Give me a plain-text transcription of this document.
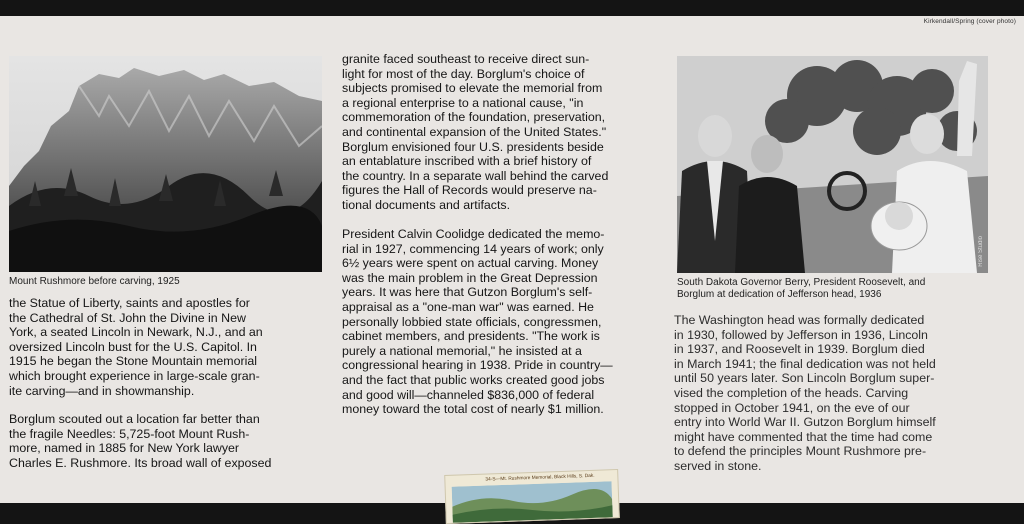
Kirkendall/Spring (cover photo)
Mount Rushmore before carving, 1925
the Statue of Liberty, saints and apostles for
the Cathedral of St. John the Divine in New
York, a seated Lincoln in Newark, N.J., and an
oversized Lincoln bust for the U.S. Capitol. In
1915 he began the Stone Mountain memorial
which brought experience in large-scale gran-
ite carving—and in showmanship.
Borglum scouted out a location far better than
the fragile Needles: 5,725-foot Mount Rush-
more, named in 1885 for New York lawyer
Charles E. Rushmore. Its broad wall of exposed
granite faced southeast to receive direct sun-
light for most of the day. Borglum's choice of
subjects promised to elevate the memorial from
a regional enterprise to a national cause, "in
commemoration of the foundation, preservation,
and continental expansion of the United States."
Borglum envisioned four U.S. presidents beside
an entablature inscribed with a brief history of
the country. In a separate wall behind the carved
figures the Hall of Records would preserve na-
tional documents and artifacts.
President Calvin Coolidge dedicated the memo-
rial in 1927, commencing 14 years of work; only
6½ years were spent on actual carving. Money
was the main problem in the Great Depression
years. It was here that Gutzon Borglum's self-
appraisal as a "one-man war" was earned. He
personally lobbied state officials, congressmen,
cabinet members, and presidents. "The work is
purely a national memorial," he insisted at a
congressional hearing in 1938. Pride in country—
and the fact that public works created good jobs
and good will—channeled $836,000 of federal
money toward the total cost of nearly $1 million.
Rise Studio
South Dakota Governor Berry, President Roosevelt, and
Borglum at dedication of Jefferson head, 1936
The Washington head was formally dedicated
in 1930, followed by Jefferson in 1936, Lincoln
in 1937, and Roosevelt in 1939. Borglum died
in March 1941; the final dedication was not held
until 50 years later. Son Lincoln Borglum super-
vised the completion of the heads. Carving
stopped in October 1941, on the eve of our
entry into World War II. Gutzon Borglum himself
might have commented that the time had come
to defend the principles Mount Rushmore pre-
served in stone.
34-S—Mt. Rushmore Memorial, Black Hills, S. Dak.
